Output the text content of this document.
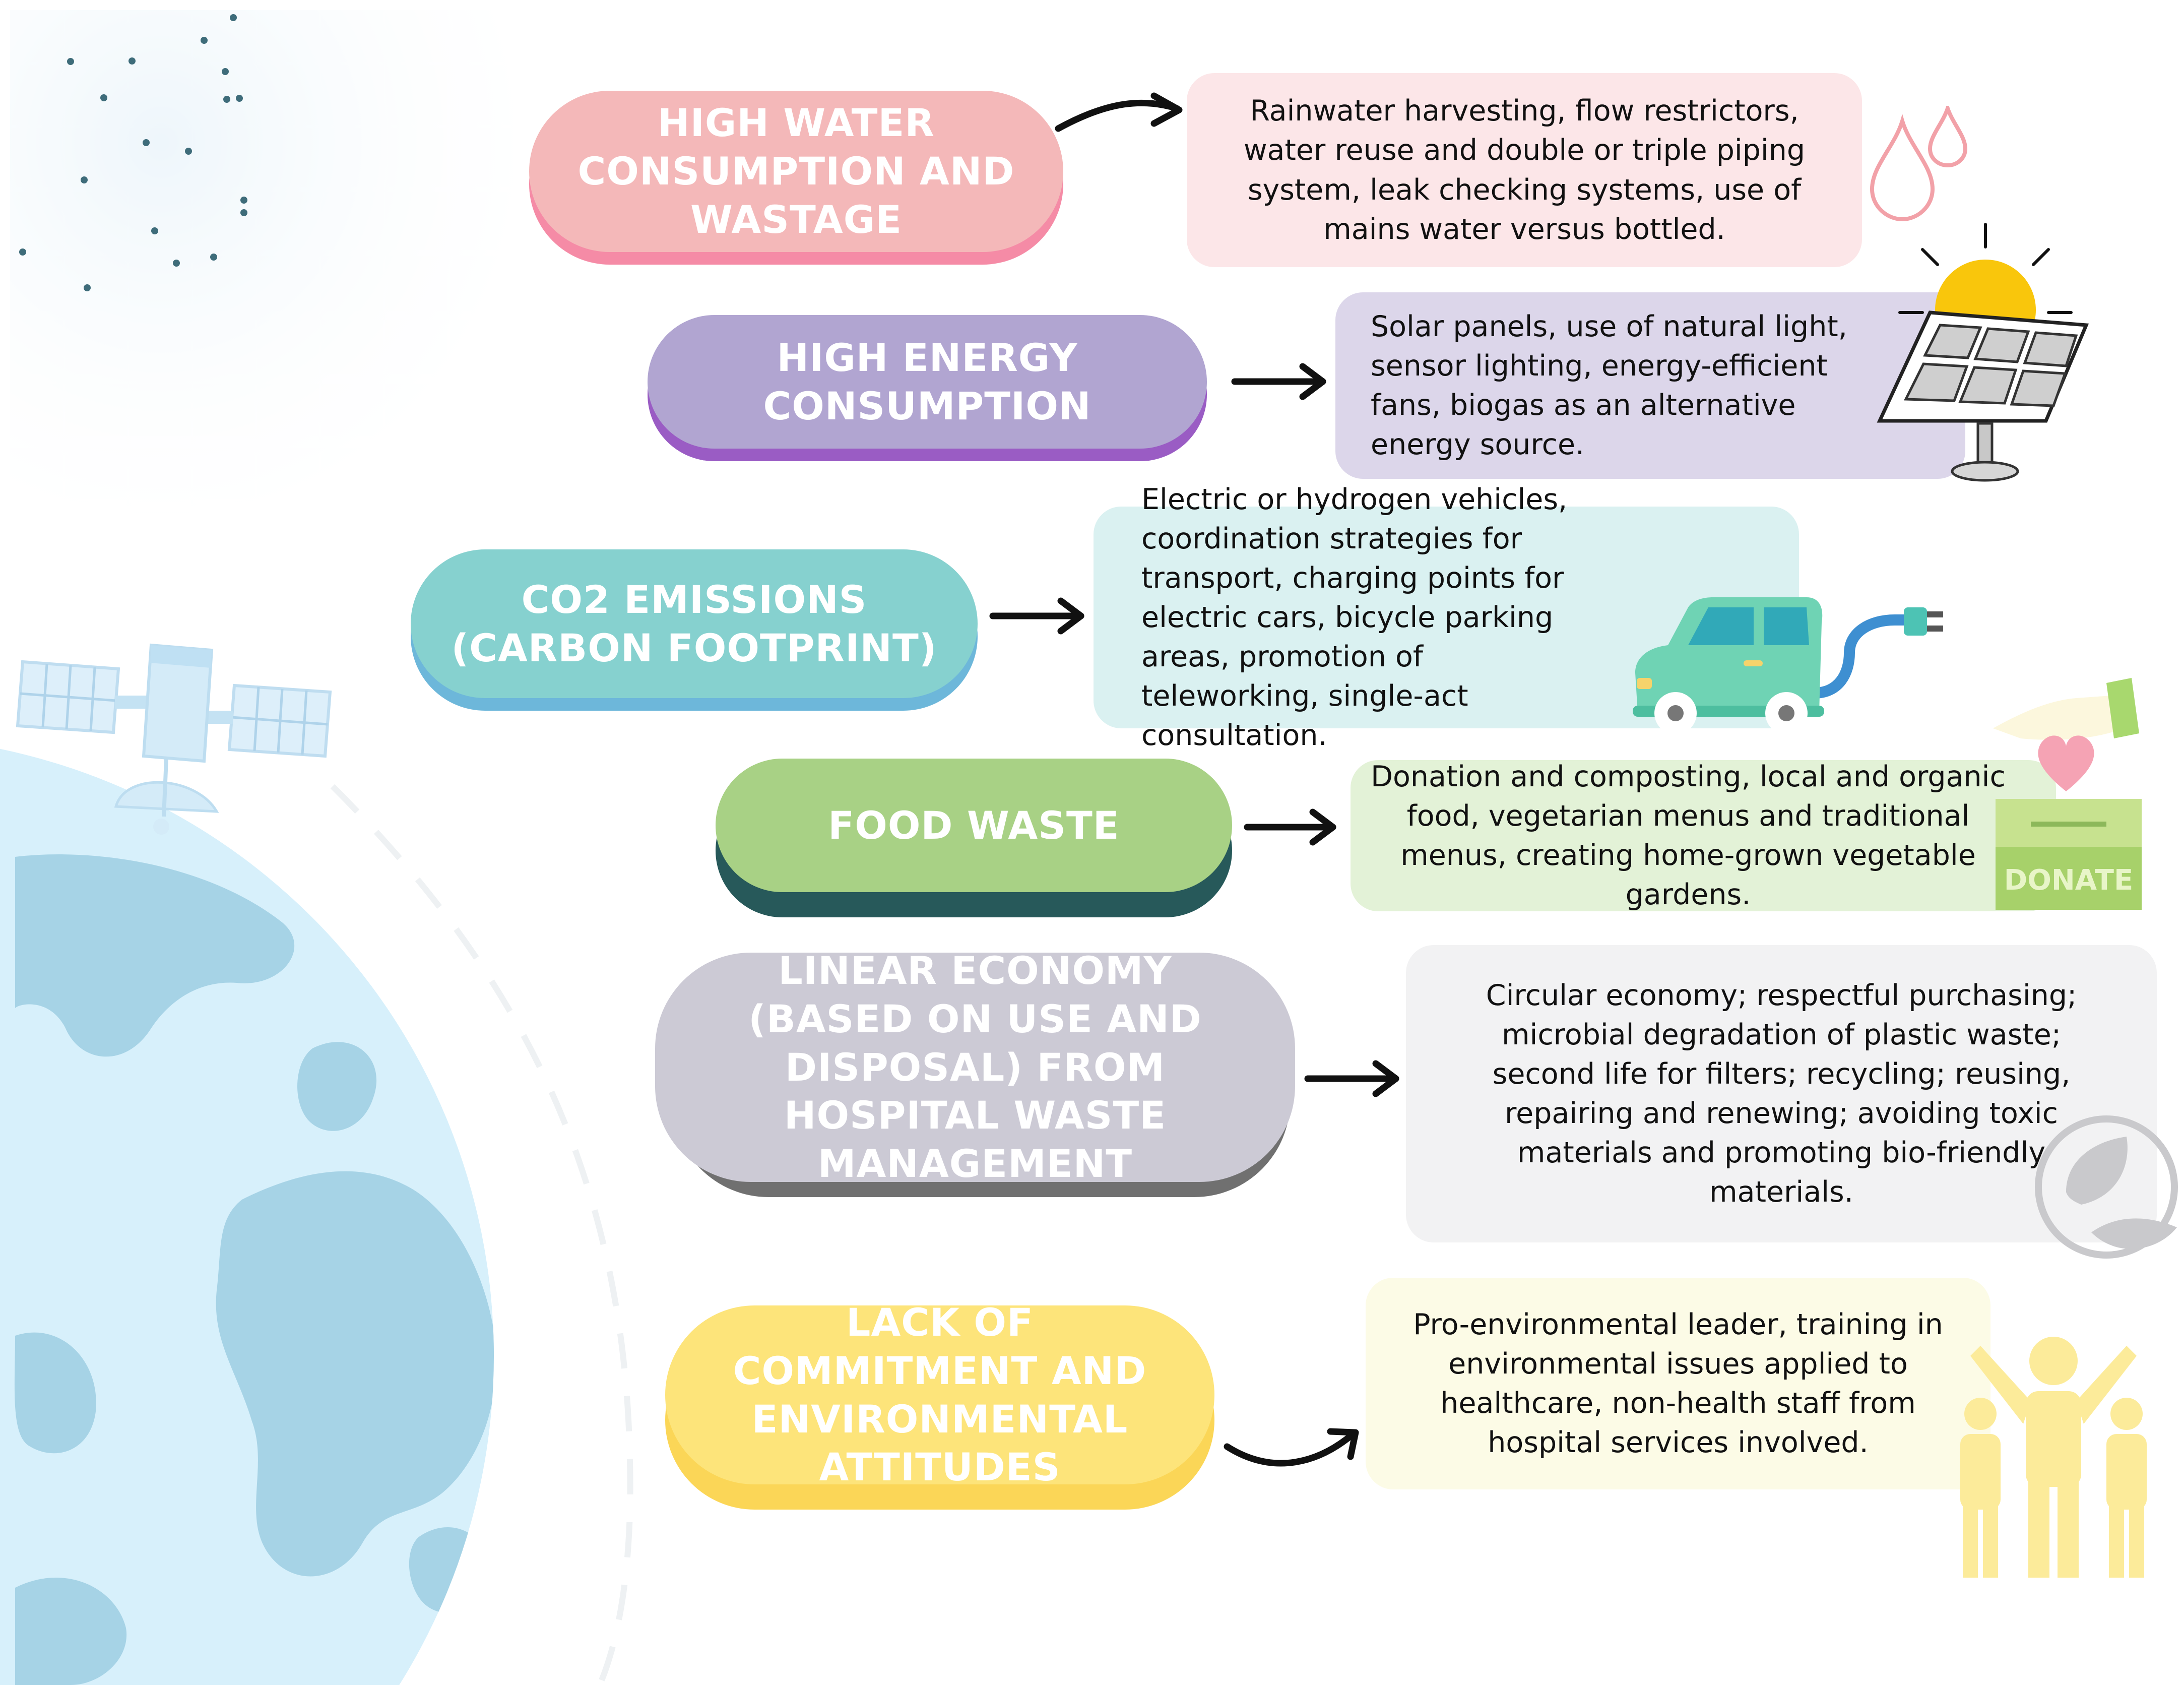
HIGH WATER CONSUMPTION AND WASTAGE
Rainwater harvesting, flow restrictors, water reuse and double or triple piping system, leak checking systems, use of mains water versus bottled.
HIGH ENERGY CONSUMPTION
Solar panels, use of natural light, sensor lighting, energy-efficient fans, biogas as an alternative energy source.
CO2 EMISSIONS (CARBON FOOTPRINT)
Electric or hydrogen vehicles, coordination strategies for transport, charging points for electric cars, bicycle parking areas, promotion of teleworking, single-act consultation.
FOOD WASTE
Donation and composting, local and organic food, vegetarian menus and traditional menus, creating home-grown vegetable gardens.	DONATE
LINEAR ECONOMY (BASED ON USE AND DISPOSAL) FROM HOSPITAL WASTE MANAGEMENT
Circular economy; respectful purchasing; microbial degradation of plastic waste; second life for filters; recycling; reusing, repairing and renewing; avoiding toxic materials and promoting bio-friendly materials.
LACK OF COMMITMENT AND ENVIRONMENTAL ATTITUDES
Pro-environmental leader, training in environmental issues applied to healthcare, non-health staff from hospital services involved.
